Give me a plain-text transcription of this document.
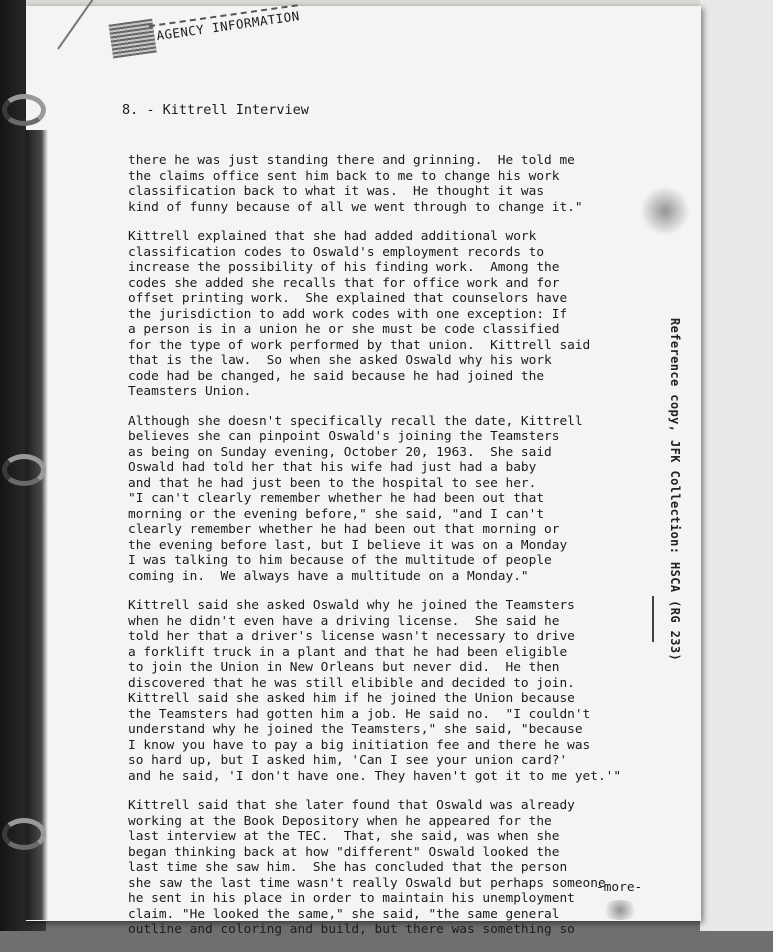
AGENCY INFORMATION
8. - Kittrell Interview

there he was just standing there and grinning.  He told me
the claims office sent him back to me to change his work
classification back to what it was.  He thought it was
kind of funny because of all we went through to change it."

Kittrell explained that she had added additional work
classification codes to Oswald's employment records to
increase the possibility of his finding work.  Among the
codes she added she recalls that for office work and for
offset printing work.  She explained that counselors have
the jurisdiction to add work codes with one exception: If
a person is in a union he or she must be code classified
for the type of work performed by that union.  Kittrell said
that is the law.  So when she asked Oswald why his work
code had be changed, he said because he had joined the
Teamsters Union.

Although she doesn't specifically recall the date, Kittrell
believes she can pinpoint Oswald's joining the Teamsters
as being on Sunday evening, October 20, 1963.  She said
Oswald had told her that his wife had just had a baby
and that he had just been to the hospital to see her.
"I can't clearly remember whether he had been out that
morning or the evening before," she said, "and I can't
clearly remember whether he had been out that morning or
the evening before last, but I believe it was on a Monday
I was talking to him because of the multitude of people
coming in.  We always have a multitude on a Monday."

Kittrell said she asked Oswald why he joined the Teamsters
when he didn't even have a driving license.  She said he
told her that a driver's license wasn't necessary to drive
a forklift truck in a plant and that he had been eligible
to join the Union in New Orleans but never did.  He then
discovered that he was still elibible and decided to join.
Kittrell said she asked him if he joined the Union because
the Teamsters had gotten him a job. He said no.  "I couldn't
understand why he joined the Teamsters," she said, "because
I know you have to pay a big initiation fee and there he was
so hard up, but I asked him, 'Can I see your union card?'
and he said, 'I don't have one. They haven't got it to me yet.'"

Kittrell said that she later found that Oswald was already
working at the Book Depository when he appeared for the
last interview at the TEC.  That, she said, was when she
began thinking back at how "different" Oswald looked the
last time she saw him.  She has concluded that the person
she saw the last time wasn't really Oswald but perhaps someone
he sent in his place in order to maintain his unemployment
claim. "He looked the same," she said, "the same general
outline and coloring and build, but there was something so

-more-
Reference copy, JFK Collection: HSCA (RG 233)
